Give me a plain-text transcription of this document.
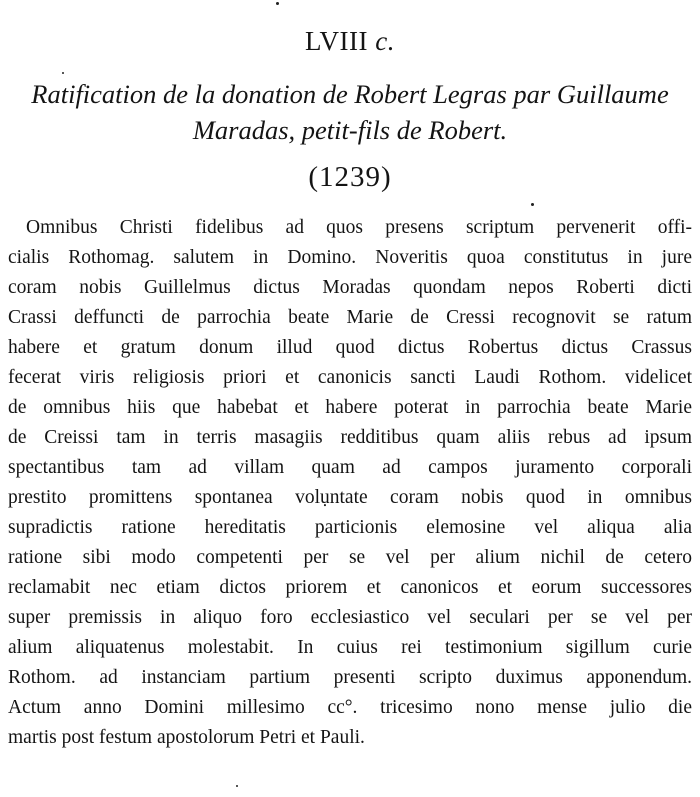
LVIII c.
Ratification de la donation de Robert Legras par Guillaume
Maradas, petit-fils de Robert.
(1239)
Omnibus Christi fidelibus ad quos presens scriptum pervenerit offi-
cialis Rothomag. salutem in Domino. Noveritis quoa constitutus in jure
coram nobis Guillelmus dictus Moradas quondam nepos Roberti dicti
Crassi deffuncti de parrochia beate Marie de Cressi recognovit se ratum
habere et gratum donum illud quod dictus Robertus dictus Crassus
fecerat viris religiosis priori et canonicis sancti Laudi Rothom. videlicet
de omnibus hiis que habebat et habere poterat in parrochia beate Marie
de Creissi tam in terris masagiis redditibus quam aliis rebus ad ipsum
spectantibus tam ad villam quam ad campos juramento corporali
prestito promittens spontanea volụntate coram nobis quod in omnibus
supradictis ratione hereditatis particionis elemosine vel aliqua alia
ratione sibi modo competenti per se vel per alium nichil de cetero
reclamabit nec etiam dictos priorem et canonicos et eorum successores
super premissis in aliquo foro ecclesiastico vel seculari per se vel per
alium aliquatenus molestabit. In cuius rei testimonium sigillum curie
Rothom. ad instanciam partium presenti scripto duximus apponendum.
Actum anno Domini millesimo cc°. tricesimo nono mense julio die
martis post festum apostolorum Petri et Pauli.
